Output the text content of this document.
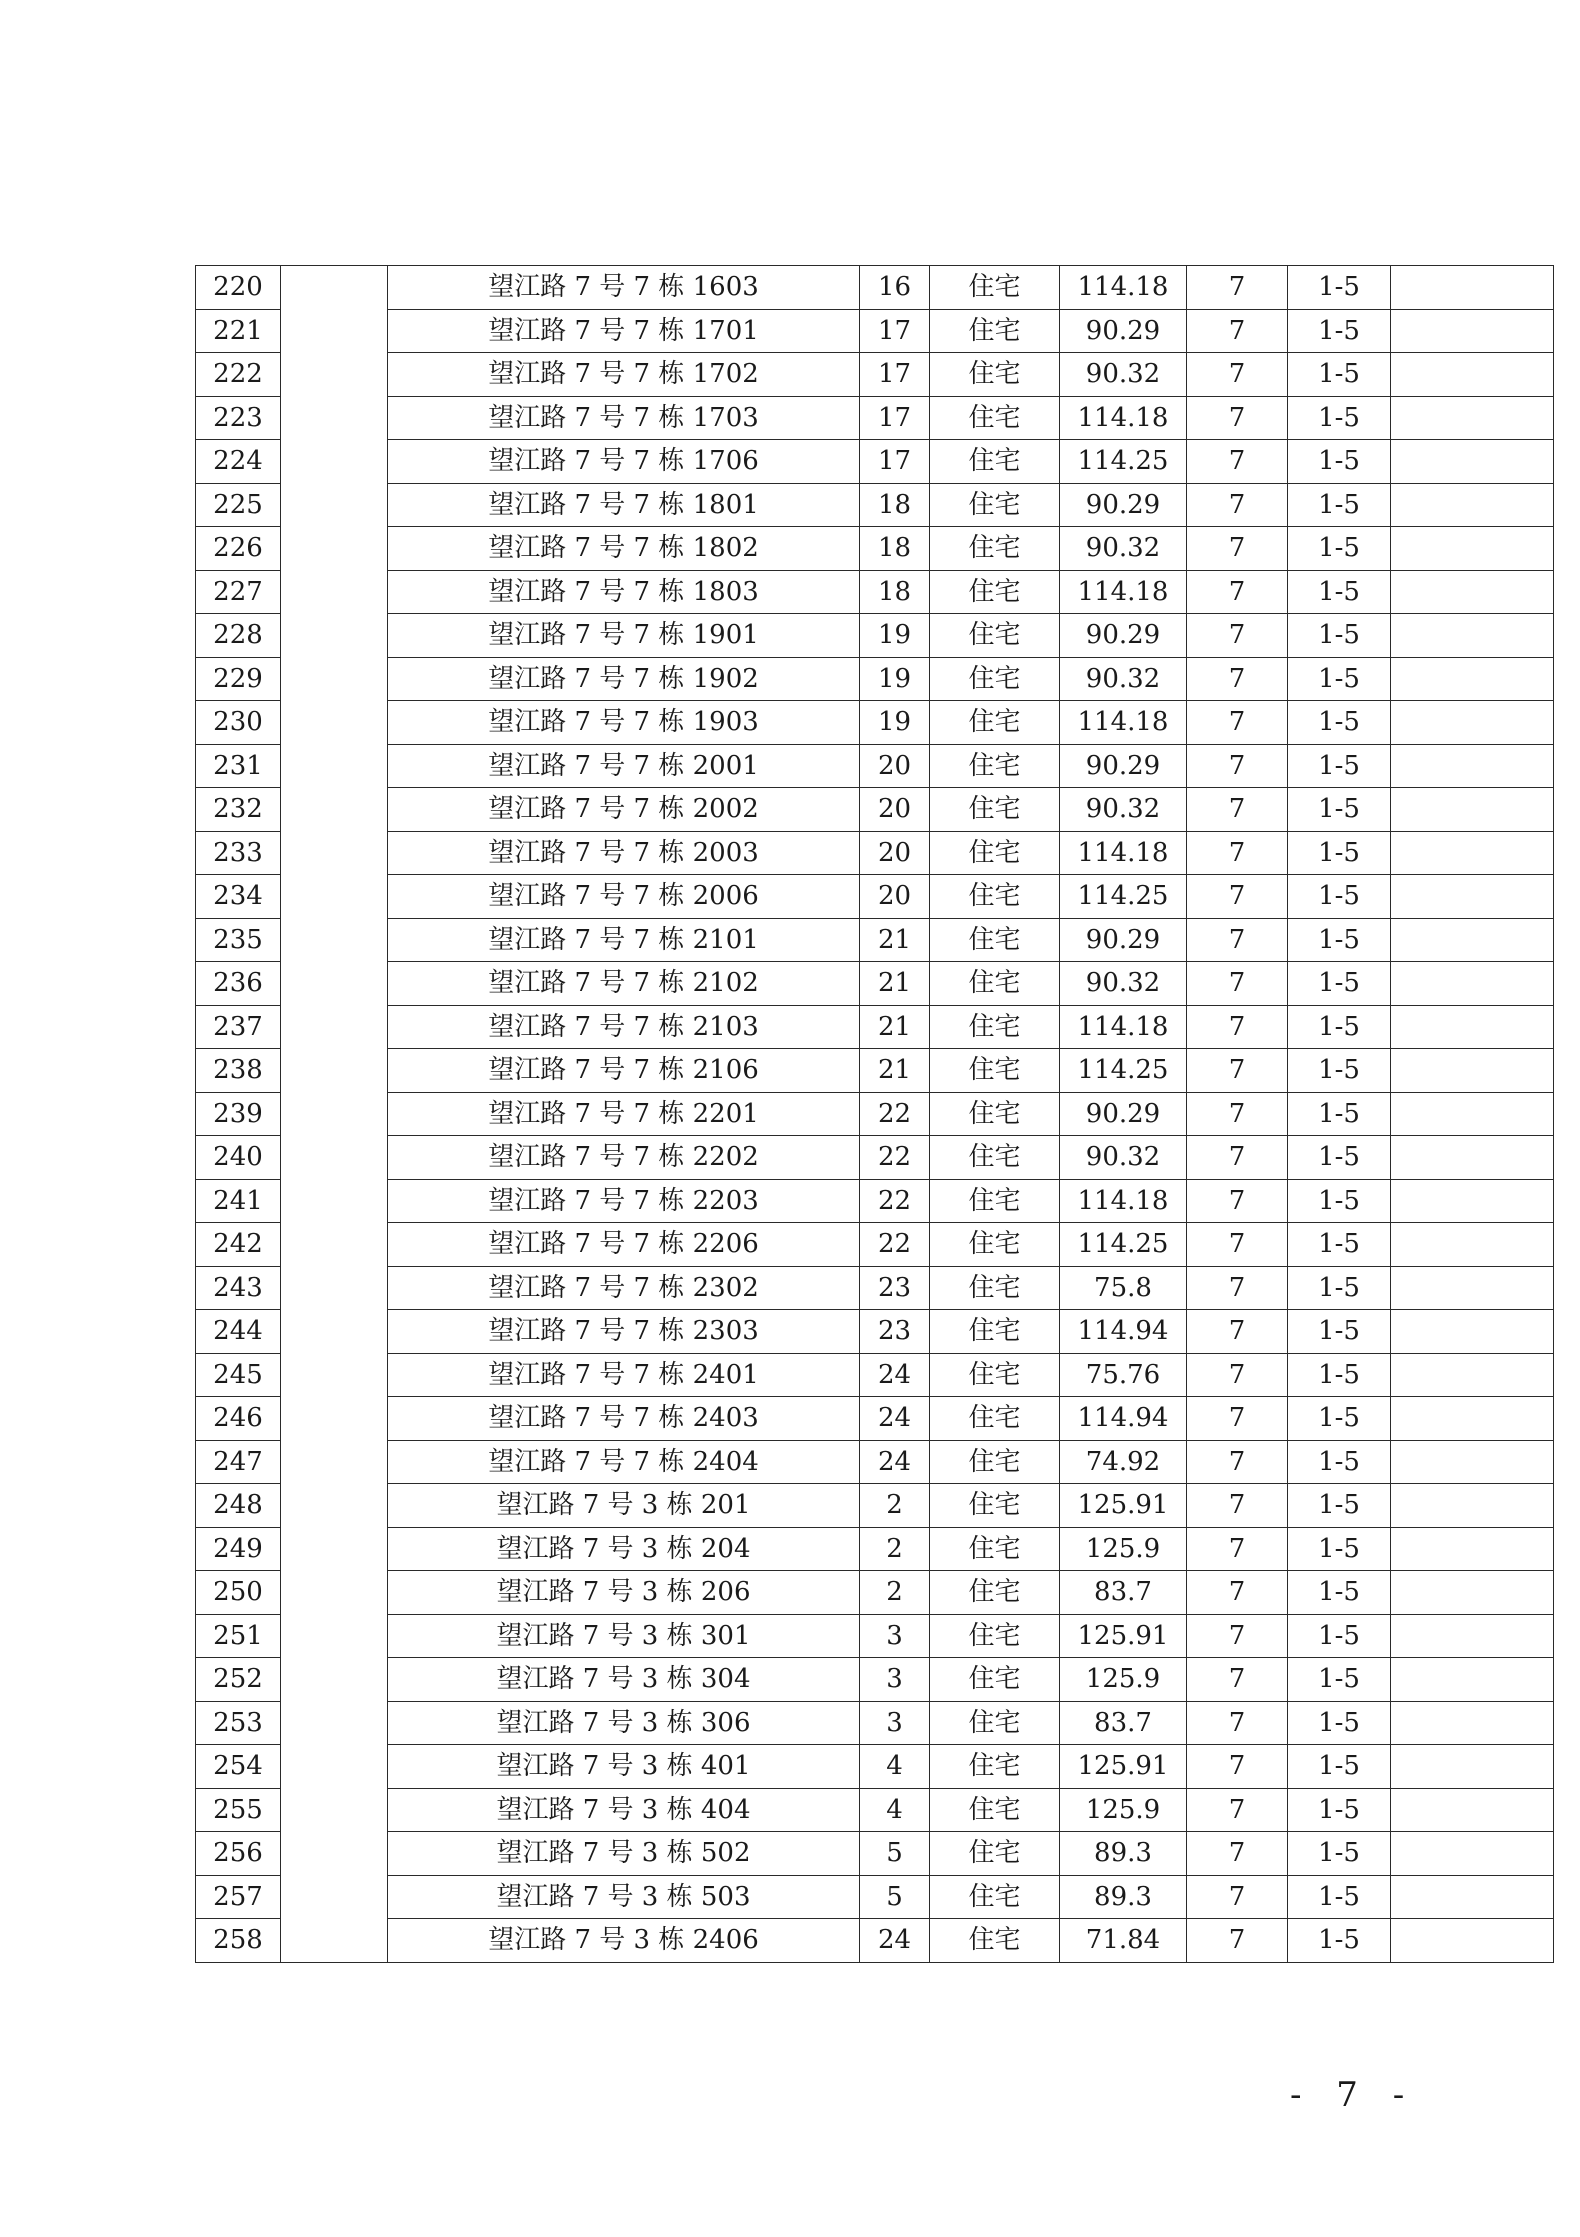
220		望江路 7 号 7 栋 1603	16	住宅	114.18	7	1-5	
221		望江路 7 号 7 栋 1701	17	住宅	90.29	7	1-5	
222		望江路 7 号 7 栋 1702	17	住宅	90.32	7	1-5	
223		望江路 7 号 7 栋 1703	17	住宅	114.18	7	1-5	
224		望江路 7 号 7 栋 1706	17	住宅	114.25	7	1-5	
225		望江路 7 号 7 栋 1801	18	住宅	90.29	7	1-5	
226		望江路 7 号 7 栋 1802	18	住宅	90.32	7	1-5	
227		望江路 7 号 7 栋 1803	18	住宅	114.18	7	1-5	
228		望江路 7 号 7 栋 1901	19	住宅	90.29	7	1-5	
229		望江路 7 号 7 栋 1902	19	住宅	90.32	7	1-5	
230		望江路 7 号 7 栋 1903	19	住宅	114.18	7	1-5	
231		望江路 7 号 7 栋 2001	20	住宅	90.29	7	1-5	
232		望江路 7 号 7 栋 2002	20	住宅	90.32	7	1-5	
233		望江路 7 号 7 栋 2003	20	住宅	114.18	7	1-5	
234		望江路 7 号 7 栋 2006	20	住宅	114.25	7	1-5	
235		望江路 7 号 7 栋 2101	21	住宅	90.29	7	1-5	
236		望江路 7 号 7 栋 2102	21	住宅	90.32	7	1-5	
237		望江路 7 号 7 栋 2103	21	住宅	114.18	7	1-5	
238		望江路 7 号 7 栋 2106	21	住宅	114.25	7	1-5	
239		望江路 7 号 7 栋 2201	22	住宅	90.29	7	1-5	
240		望江路 7 号 7 栋 2202	22	住宅	90.32	7	1-5	
241		望江路 7 号 7 栋 2203	22	住宅	114.18	7	1-5	
242		望江路 7 号 7 栋 2206	22	住宅	114.25	7	1-5	
243		望江路 7 号 7 栋 2302	23	住宅	75.8	7	1-5	
244		望江路 7 号 7 栋 2303	23	住宅	114.94	7	1-5	
245		望江路 7 号 7 栋 2401	24	住宅	75.76	7	1-5	
246		望江路 7 号 7 栋 2403	24	住宅	114.94	7	1-5	
247		望江路 7 号 7 栋 2404	24	住宅	74.92	7	1-5	
248		望江路 7 号 3 栋 201	2	住宅	125.91	7	1-5	
249		望江路 7 号 3 栋 204	2	住宅	125.9	7	1-5	
250		望江路 7 号 3 栋 206	2	住宅	83.7	7	1-5	
251		望江路 7 号 3 栋 301	3	住宅	125.91	7	1-5	
252		望江路 7 号 3 栋 304	3	住宅	125.9	7	1-5	
253		望江路 7 号 3 栋 306	3	住宅	83.7	7	1-5	
254		望江路 7 号 3 栋 401	4	住宅	125.91	7	1-5	
255		望江路 7 号 3 栋 404	4	住宅	125.9	7	1-5	
256		望江路 7 号 3 栋 502	5	住宅	89.3	7	1-5	
257		望江路 7 号 3 栋 503	5	住宅	89.3	7	1-5	
258		望江路 7 号 3 栋 2406	24	住宅	71.84	7	1-5	
- 7 -
